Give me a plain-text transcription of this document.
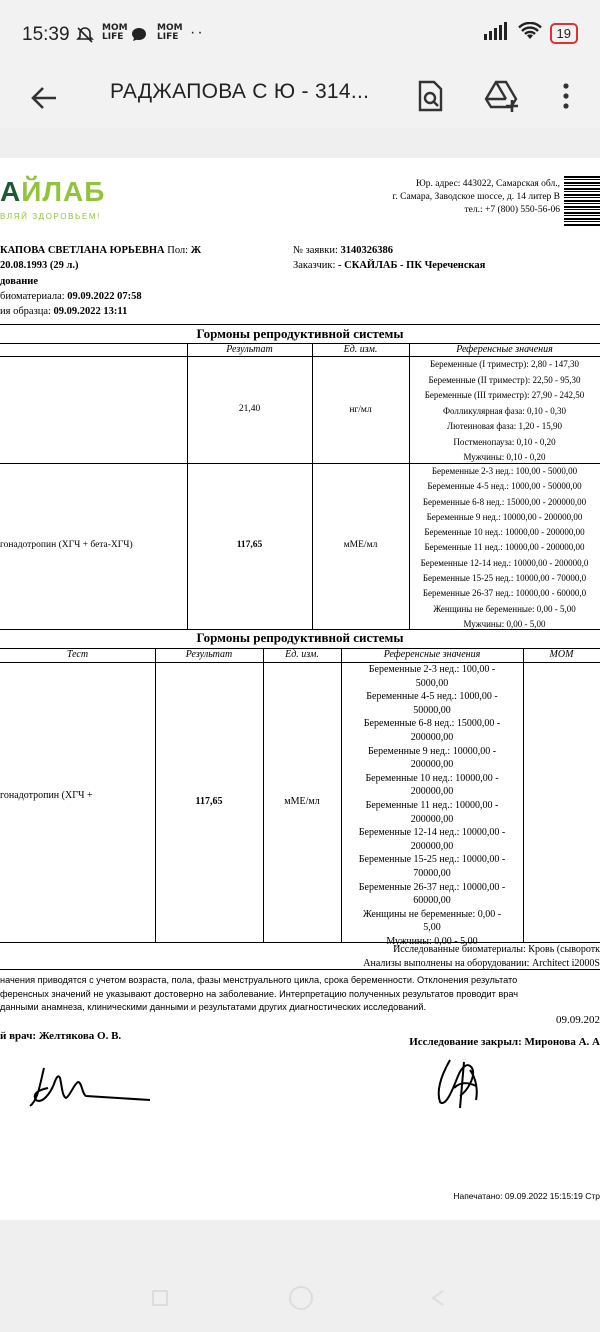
15:39	MOM
LIFE
MOM
LIFE ··	19
РАДЖАПОВА С Ю - 314...
АЙЛАБ
ВЛЯЙ ЗДОРОВЬЕМ!
Юр. адрес: 443022, Самарская обл.,
г. Самара, Заводское шоссе, д. 14 литер В
тел.: +7 (800) 550-56-06
КАПОВА СВЕТЛАНА ЮРЬЕВНА Пол: Ж
20.08.1993 (29 л.)
дование
биоматериала: 09.09.2022 07:58
ия образца: 09.09.2022 13:11
№ заявки: 3140326386
Заказчик: - СКАЙЛАБ - ПК Череченская
Гормоны репродуктивной системы
Результат	Ед. изм.	Референсные значения
21,40	нг/мл
Беременные (I триместр): 2,80 - 147,30
Беременные (II триместр): 22,50 - 95,30
Беременные (III триместр): 27,90 - 242,50
Фолликулярная фаза: 0,10 - 0,30
Лютеиновая фаза: 1,20 - 15,90
Постменопауза: 0,10 - 0,20
Мужчины: 0,10 - 0,20
гонадотропин (ХГЧ + бета-ХГЧ)	117,65	мМЕ/мл
Беременные 2-3 нед.: 100,00 - 5000,00
Беременные 4-5 нед.: 1000,00 - 50000,00
Беременные 6-8 нед.: 15000,00 - 200000,00
Беременные 9 нед.: 10000,00 - 200000,00
Беременные 10 нед.: 10000,00 - 200000,00
Беременные 11 нед.: 10000,00 - 200000,00
Беременные 12-14 нед.: 10000,00 - 200000,0
Беременные 15-25 нед.: 10000,00 - 70000,0
Беременные 26-37 нед.: 10000,00 - 60000,0
Женщины не беременные: 0,00 - 5,00
Мужчины: 0,00 - 5,00
Гормоны репродуктивной системы
Тест	Результат	Ед. изм.	Референсные значения	МОМ
гонадотропин (ХГЧ +
117,65	мМЕ/мл
Беременные 2-3 нед.: 100,00 -
5000,00
Беременные 4-5 нед.: 1000,00 -
50000,00
Беременные 6-8 нед.: 15000,00 -
200000,00
Беременные 9 нед.: 10000,00 -
200000,00
Беременные 10 нед.: 10000,00 -
200000,00
Беременные 11 нед.: 10000,00 -
200000,00
Беременные 12-14 нед.: 10000,00 -
200000,00
Беременные 15-25 нед.: 10000,00 -
70000,00
Беременные 26-37 нед.: 10000,00 -
60000,00
Женщины не беременные: 0,00 -
5,00
Мужчины: 0,00 - 5,00
Исследованные биоматериалы: Кровь (сыворотк
Анализы выполнены на оборудовании: Architect i2000S
начения приводятся с учетом возраста, пола, фазы менструального цикла, срока беременности. Отклонения результато
ференсных значений не указывают достоверно на заболевание. Интерпретацию полученных результатов проводит врач
данными анамнеза, клиническими данными и результатами других диагностических исследований.
09.09.202
й врач: Желтякова О. В.	Исследование закрыл: Миронова А. А
Напечатано: 09.09.2022 15:15:19 Стр
